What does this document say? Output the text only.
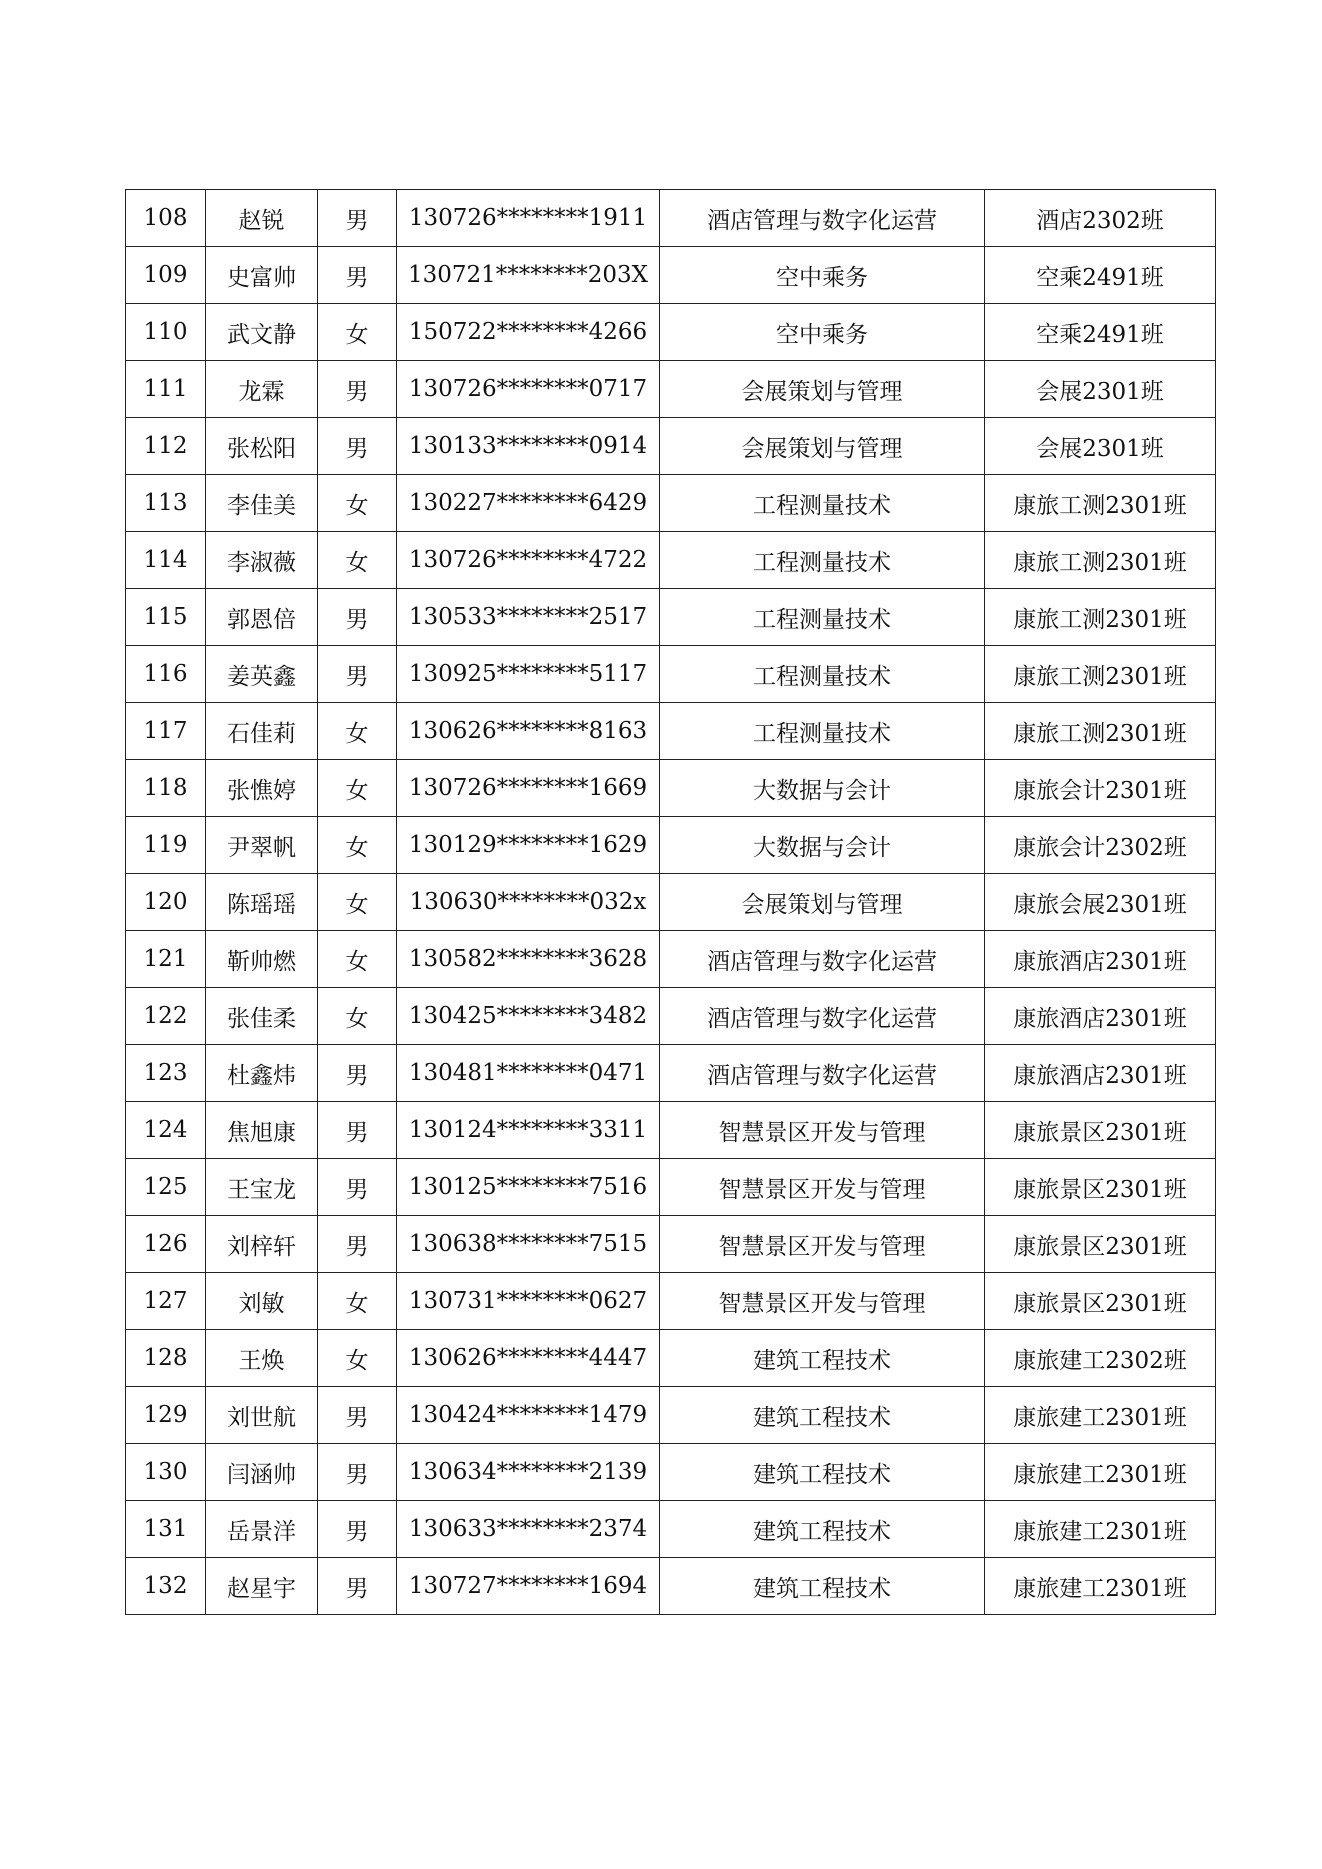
108	赵锐	男	130726********1911	酒店管理与数字化运营	酒店2302班
109	史富帅	男	130721********203X	空中乘务	空乘2491班
110	武文静	女	150722********4266	空中乘务	空乘2491班
111	龙霖	男	130726********0717	会展策划与管理	会展2301班
112	张松阳	男	130133********0914	会展策划与管理	会展2301班
113	李佳美	女	130227********6429	工程测量技术	康旅工测2301班
114	李淑薇	女	130726********4722	工程测量技术	康旅工测2301班
115	郭恩倍	男	130533********2517	工程测量技术	康旅工测2301班
116	姜英鑫	男	130925********5117	工程测量技术	康旅工测2301班
117	石佳莉	女	130626********8163	工程测量技术	康旅工测2301班
118	张憔婷	女	130726********1669	大数据与会计	康旅会计2301班
119	尹翠帆	女	130129********1629	大数据与会计	康旅会计2302班
120	陈瑶瑶	女	130630********032x	会展策划与管理	康旅会展2301班
121	靳帅燃	女	130582********3628	酒店管理与数字化运营	康旅酒店2301班
122	张佳柔	女	130425********3482	酒店管理与数字化运营	康旅酒店2301班
123	杜鑫炜	男	130481********0471	酒店管理与数字化运营	康旅酒店2301班
124	焦旭康	男	130124********3311	智慧景区开发与管理	康旅景区2301班
125	王宝龙	男	130125********7516	智慧景区开发与管理	康旅景区2301班
126	刘梓轩	男	130638********7515	智慧景区开发与管理	康旅景区2301班
127	刘敏	女	130731********0627	智慧景区开发与管理	康旅景区2301班
128	王焕	女	130626********4447	建筑工程技术	康旅建工2302班
129	刘世航	男	130424********1479	建筑工程技术	康旅建工2301班
130	闫涵帅	男	130634********2139	建筑工程技术	康旅建工2301班
131	岳景洋	男	130633********2374	建筑工程技术	康旅建工2301班
132	赵星宇	男	130727********1694	建筑工程技术	康旅建工2301班
